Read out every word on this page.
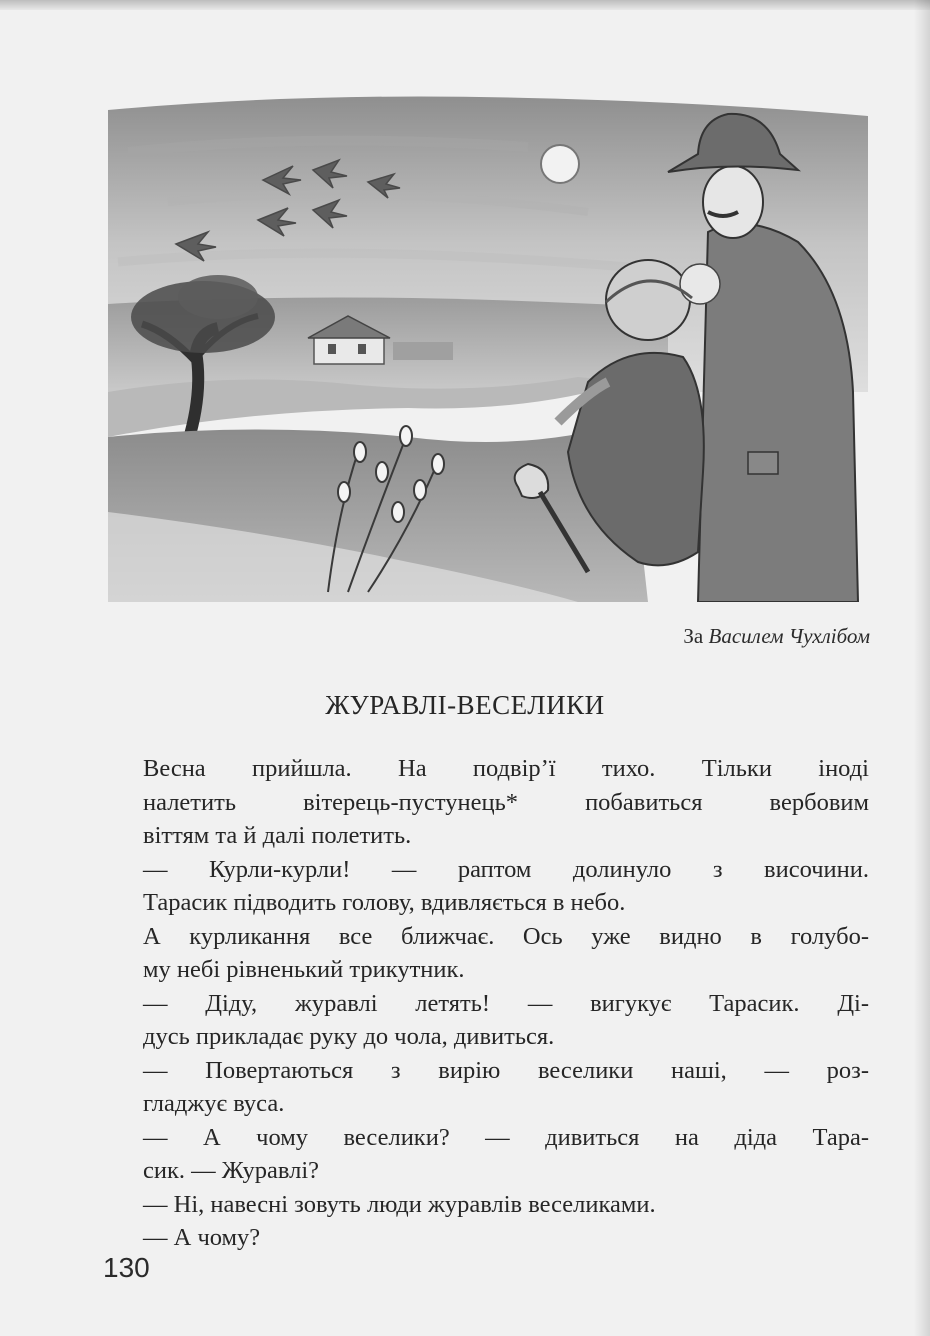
За Василем Чухлібом
ЖУРАВЛІ-ВЕСЕЛИКИ

Весна прийшла. На подвір’ї тихо. Тільки іноді
налетить вітерець-пустунець* побавиться вербовим
віттям та й далі полетить.

— Курли-курли! — раптом долинуло з височини.
Тарасик підводить голову, вдивляється в небо.

А курликання все ближчає. Ось уже видно в голубо-
му небі рівненький трикутник.

— Діду, журавлі летять! — вигукує Тарасик. Ді-
дусь прикладає руку до чола, дивиться.

— Повертаються з вирію веселики наші, — роз-
гладжує вуса.

— А чому веселики? — дивиться на діда Тара-
сик. — Журавлі?

— Ні, навесні зовуть люди журавлів веселиками.

— А чому?

130
